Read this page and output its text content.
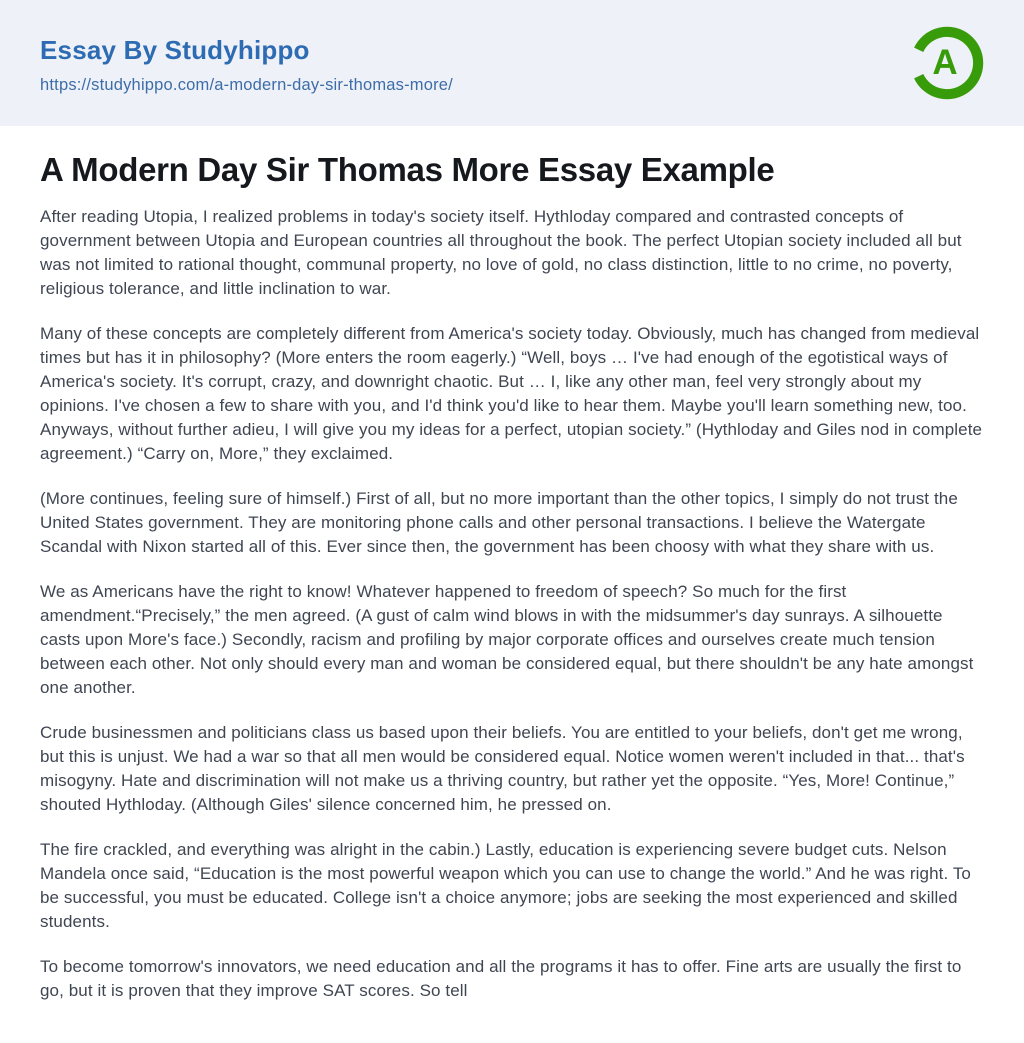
Essay By Studyhippo
https://studyhippo.com/a-modern-day-sir-thomas-more/
A
A Modern Day Sir Thomas More Essay Example

After reading Utopia, I realized problems in today's society itself. Hythloday compared and contrasted concepts of government between Utopia and European countries all throughout the book. The perfect Utopian society included all but was not limited to rational thought, communal property, no love of gold, no class distinction, little to no crime, no poverty, religious tolerance, and little inclination to war.

Many of these concepts are completely different from America's society today. Obviously, much has changed from medieval times but has it in philosophy? (More enters the room eagerly.) “Well, boys … I've had enough of the egotistical ways of America's society. It's corrupt, crazy, and downright chaotic. But … I, like any other man, feel very strongly about my opinions. I've chosen a few to share with you, and I'd think you'd like to hear them. Maybe you'll learn something new, too. Anyways, without further adieu, I will give you my ideas for a perfect, utopian society.” (Hythloday and Giles nod in complete agreement.) “Carry on, More,” they exclaimed.

(More continues, feeling sure of himself.) First of all, but no more important than the other topics, I simply do not trust the United States government. They are monitoring phone calls and other personal transactions. I believe the Watergate Scandal with Nixon started all of this. Ever since then, the government has been choosy with what they share with us.

We as Americans have the right to know! Whatever happened to freedom of speech? So much for the first amendment.“Precisely,” the men agreed. (A gust of calm wind blows in with the midsummer's day sunrays. A silhouette casts upon More's face.) Secondly, racism and profiling by major corporate offices and ourselves create much tension between each other. Not only should every man and woman be considered equal, but there shouldn't be any hate amongst one another.

Crude businessmen and politicians class us based upon their beliefs. You are entitled to your beliefs, don't get me wrong, but this is unjust. We had a war so that all men would be considered equal. Notice women weren't included in that... that's misogyny. Hate and discrimination will not make us a thriving country, but rather yet the opposite. “Yes, More! Continue,” shouted Hythloday. (Although Giles' silence concerned him, he pressed on.

The fire crackled, and everything was alright in the cabin.) Lastly, education is experiencing severe budget cuts. Nelson Mandela once said, “Education is the most powerful weapon which you can use to change the world.” And he was right. To be successful, you must be educated. College isn't a choice anymore; jobs are seeking the most experienced and skilled students.

To become tomorrow's innovators, we need education and all the programs it has to offer. Fine arts are usually the first to go, but it is proven that they improve SAT scores. So tell
